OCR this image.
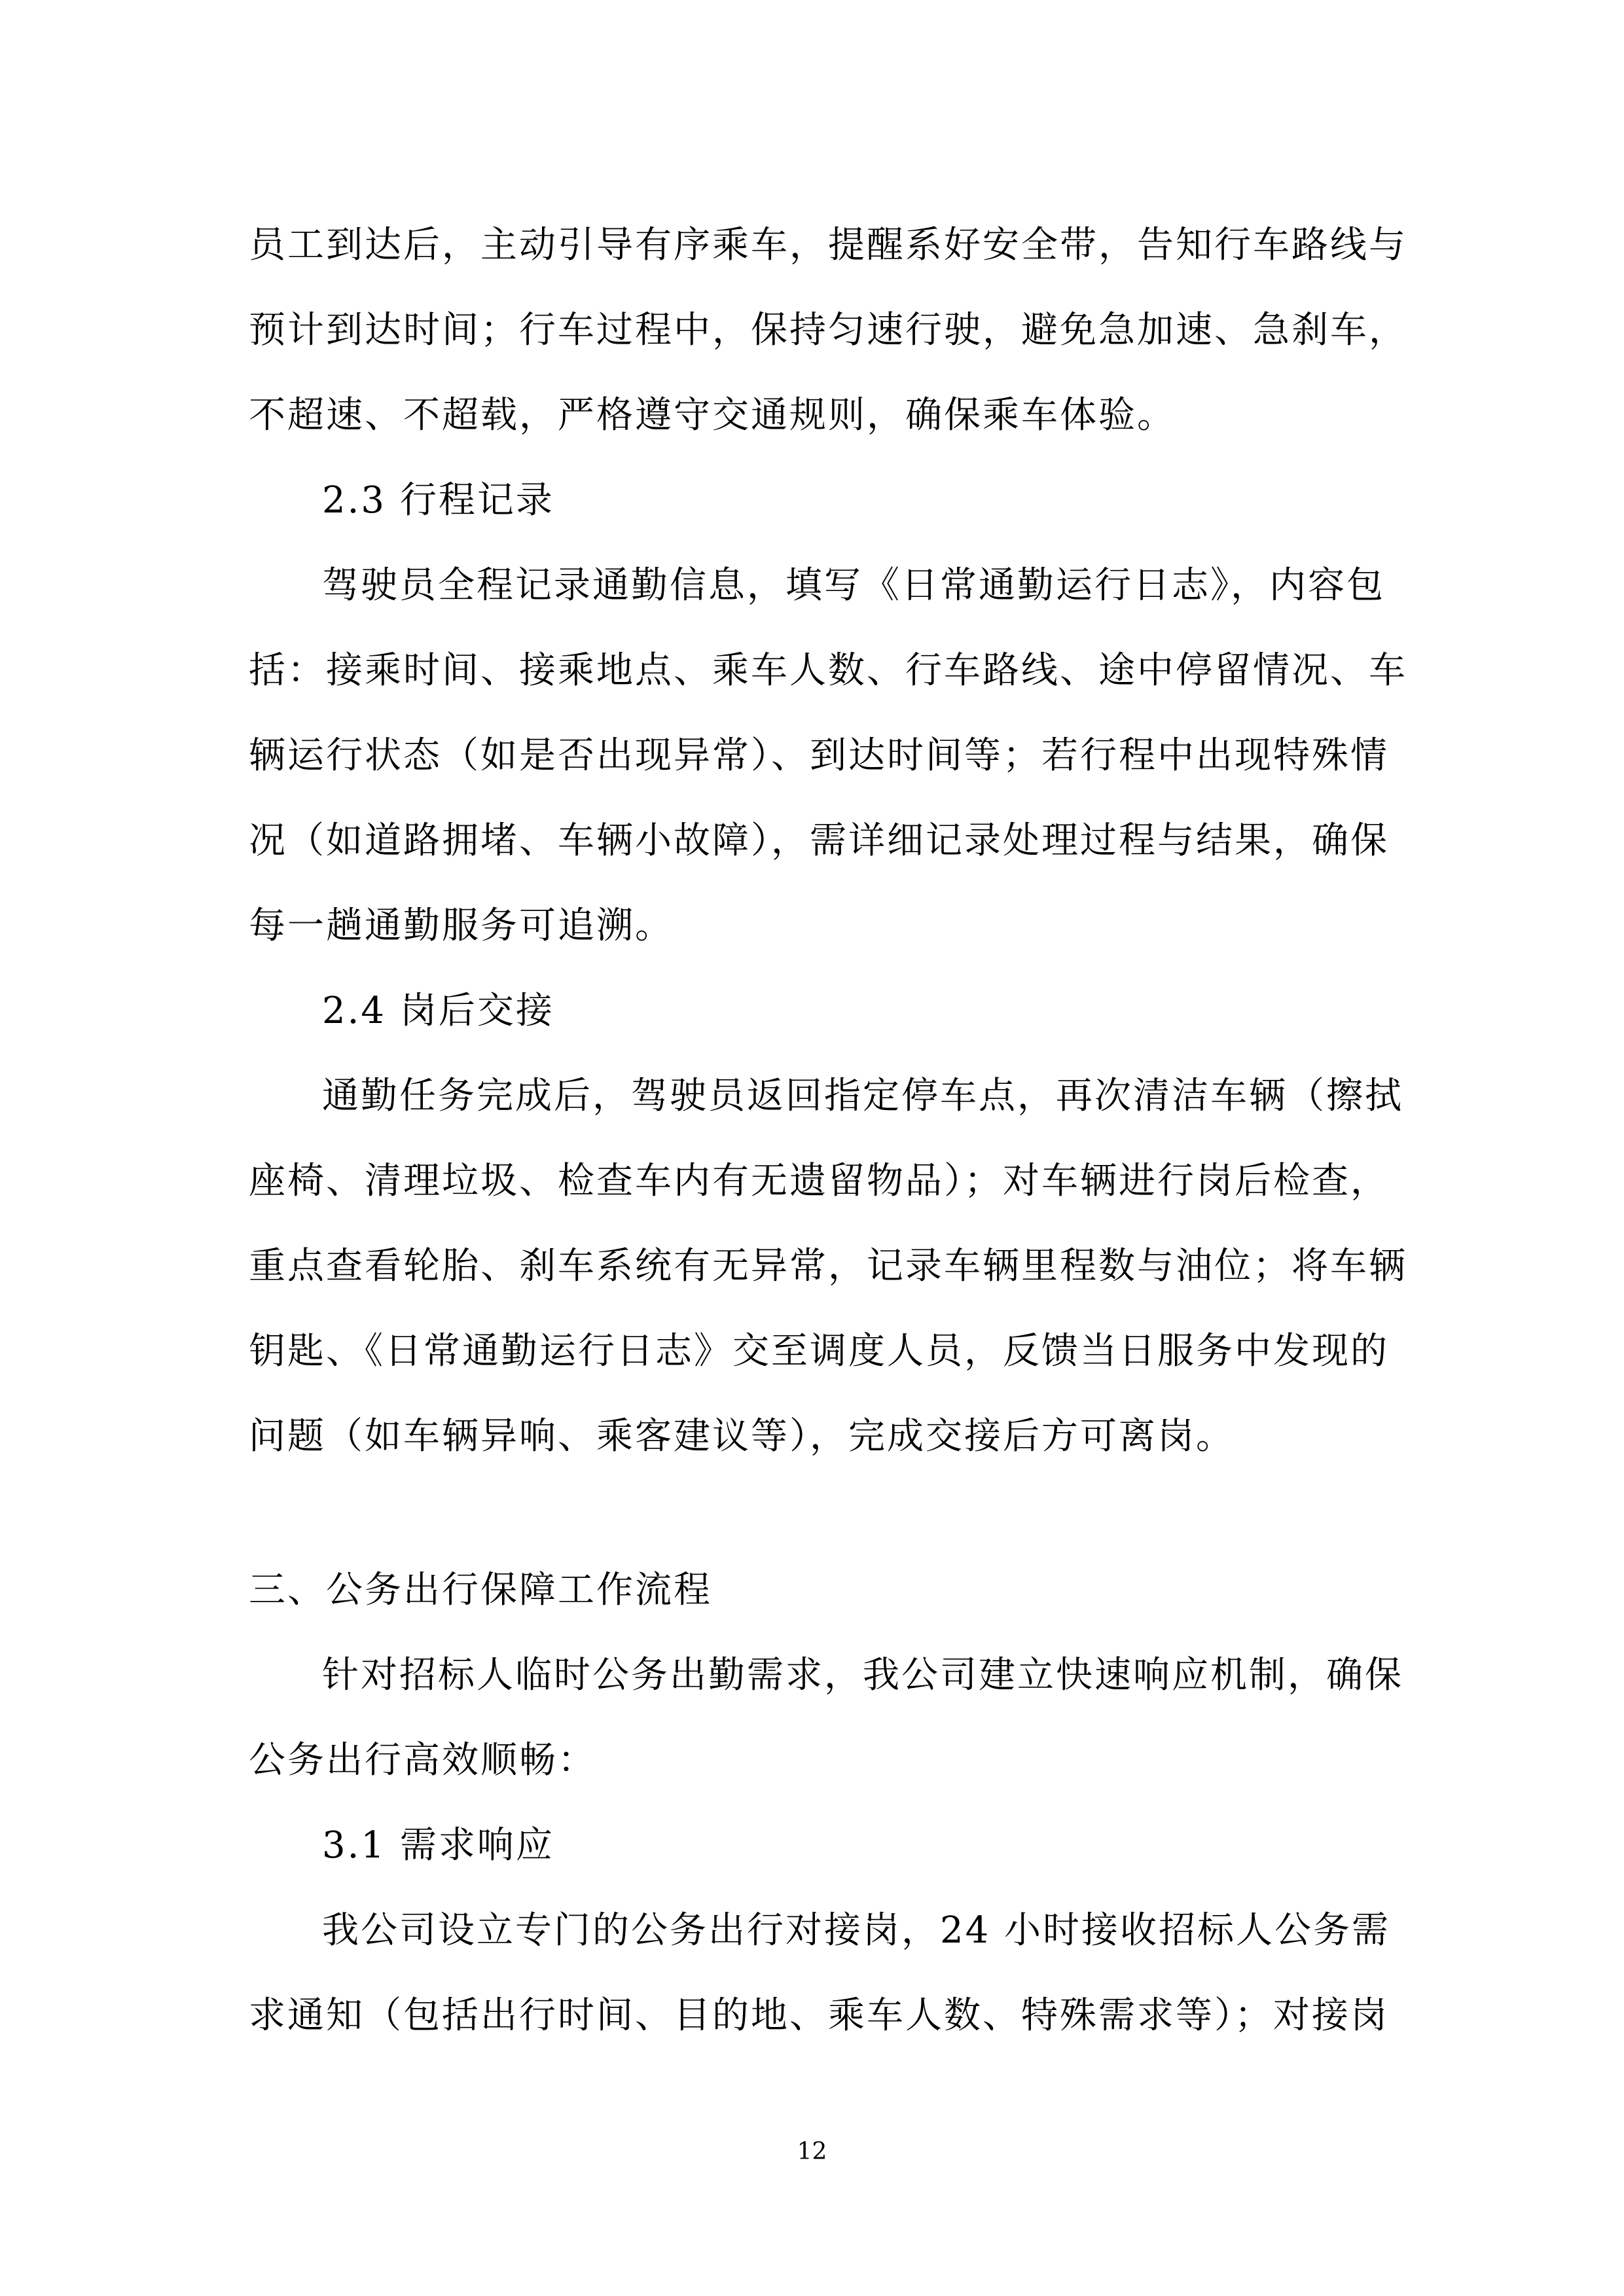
员工到达后，主动引导有序乘车，提醒系好安全带，告知行车路线与
预计到达时间；行车过程中，保持匀速行驶，避免急加速、急刹车，
不超速、不超载，严格遵守交通规则，确保乘车体验。
2.3 行程记录
驾驶员全程记录通勤信息，填写《日常通勤运行日志》，内容包
括：接乘时间、接乘地点、乘车人数、行车路线、途中停留情况、车
辆运行状态（如是否出现异常）、到达时间等；若行程中出现特殊情
况（如道路拥堵、车辆小故障），需详细记录处理过程与结果，确保
每一趟通勤服务可追溯。
2.4 岗后交接
通勤任务完成后，驾驶员返回指定停车点，再次清洁车辆（擦拭
座椅、清理垃圾、检查车内有无遗留物品）；对车辆进行岗后检查，
重点查看轮胎、刹车系统有无异常，记录车辆里程数与油位；将车辆
钥匙、《日常通勤运行日志》交至调度人员，反馈当日服务中发现的
问题（如车辆异响、乘客建议等），完成交接后方可离岗。
三、公务出行保障工作流程
针对招标人临时公务出勤需求，我公司建立快速响应机制，确保
公务出行高效顺畅：
3.1 需求响应
我公司设立专门的公务出行对接岗，24 小时接收招标人公务需
求通知（包括出行时间、目的地、乘车人数、特殊需求等）；对接岗
12
